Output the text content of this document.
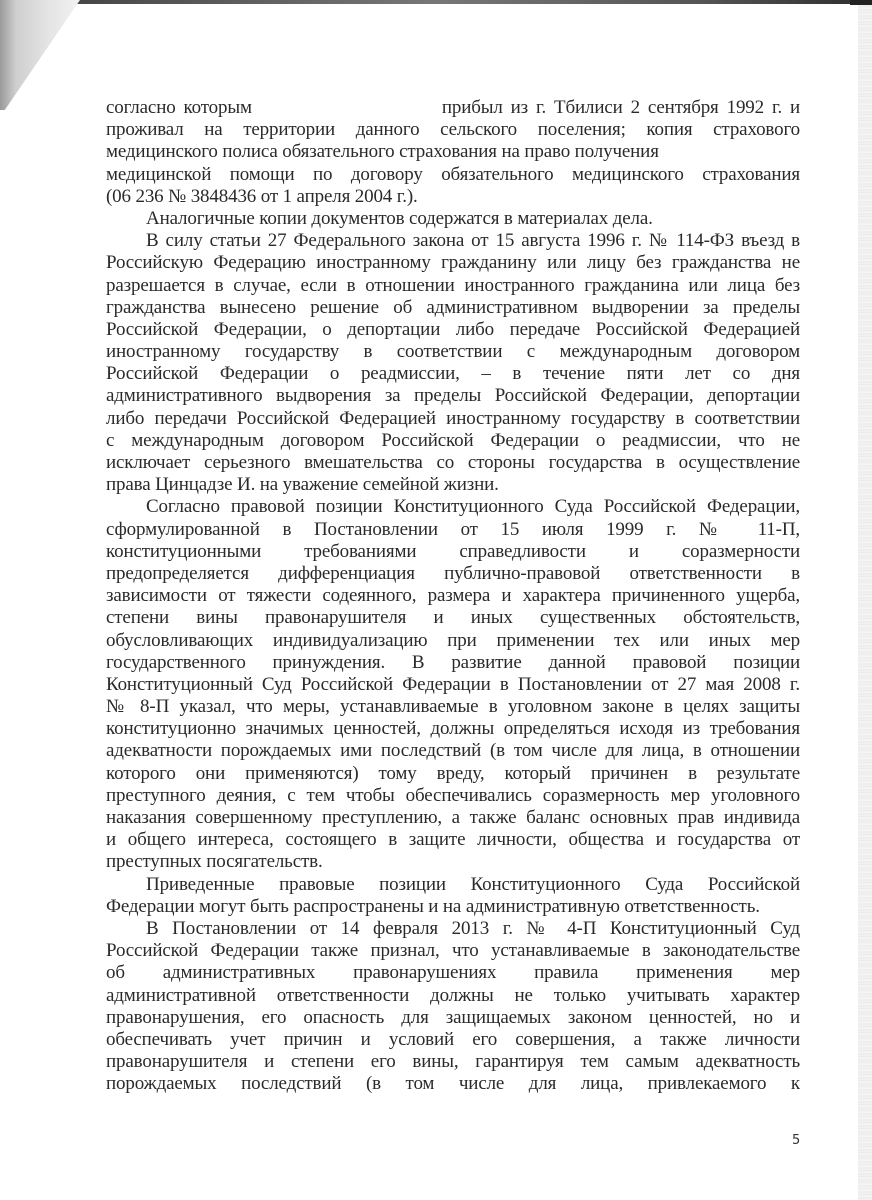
согласно которым	прибыл из г. Тбилиси 2 сентября 1992 г. и
проживал на территории данного сельского поселения; копия страхового
медицинского полиса обязательного страхования на право получения
медицинской помощи по договору обязательного медицинского страхования
(06 236 № 3848436 от 1 апреля 2004 г.).
Аналогичные копии документов содержатся в материалах дела.
В силу статьи 27 Федерального закона от 15 августа 1996 г. № 114-ФЗ въезд в
Российскую Федерацию иностранному гражданину или лицу без гражданства не
разрешается в случае, если в отношении иностранного гражданина или лица без
гражданства вынесено решение об административном выдворении за пределы
Российской Федерации, о депортации либо передаче Российской Федерацией
иностранному государству в соответствии с международным договором
Российской Федерации о реадмиссии, – в течение пяти лет со дня
административного выдворения за пределы Российской Федерации, депортации
либо передачи Российской Федерацией иностранному государству в соответствии
с международным договором Российской Федерации о реадмиссии, что не
исключает серьезного вмешательства со стороны государства в осуществление
права Цинцадзе И. на уважение семейной жизни.
Согласно правовой позиции Конституционного Суда Российской Федерации,
сформулированной в Постановлении от 15 июля 1999 г. № 11-П,
конституционными требованиями справедливости и соразмерности
предопределяется дифференциация публично-правовой ответственности в
зависимости от тяжести содеянного, размера и характера причиненного ущерба,
степени вины правонарушителя и иных существенных обстоятельств,
обусловливающих индивидуализацию при применении тех или иных мер
государственного принуждения. В развитие данной правовой позиции
Конституционный Суд Российской Федерации в Постановлении от 27 мая 2008 г.
№ 8-П указал, что меры, устанавливаемые в уголовном законе в целях защиты
конституционно значимых ценностей, должны определяться исходя из требования
адекватности порождаемых ими последствий (в том числе для лица, в отношении
которого они применяются) тому вреду, который причинен в результате
преступного деяния, с тем чтобы обеспечивались соразмерность мер уголовного
наказания совершенному преступлению, а также баланс основных прав индивида
и общего интереса, состоящего в защите личности, общества и государства от
преступных посягательств.
Приведенные правовые позиции Конституционного Суда Российской
Федерации могут быть распространены и на административную ответственность.
В Постановлении от 14 февраля 2013 г. № 4-П Конституционный Суд
Российской Федерации также признал, что устанавливаемые в законодательстве
об административных правонарушениях правила применения мер
административной ответственности должны не только учитывать характер
правонарушения, его опасность для защищаемых законом ценностей, но и
обеспечивать учет причин и условий его совершения, а также личности
правонарушителя и степени его вины, гарантируя тем самым адекватность
порождаемых последствий (в том числе для лица, привлекаемого к
5
